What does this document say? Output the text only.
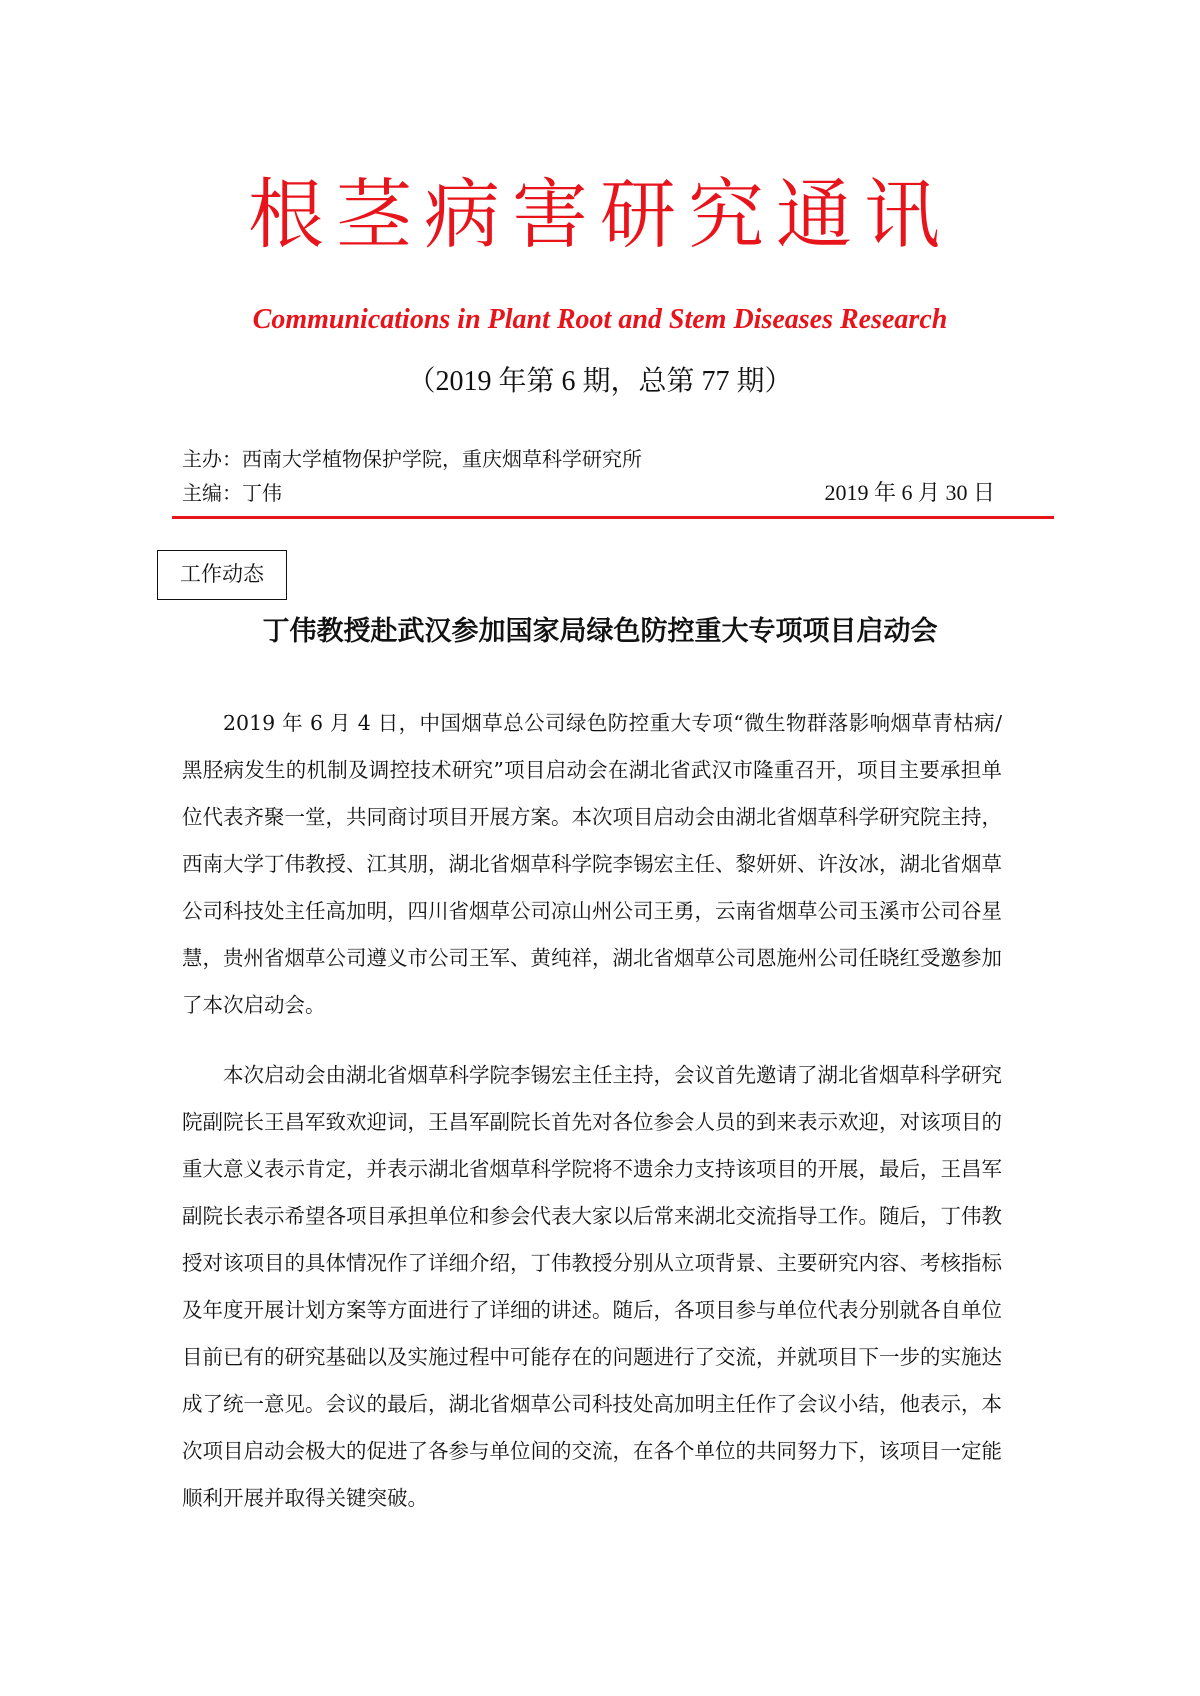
根茎病害研究通讯
Communications in Plant Root and Stem Diseases Research
（2019 年第 6 期，总第 77 期）
主办：西南大学植物保护学院，重庆烟草科学研究所
主编：丁伟	2019 年 6 月 30 日
工作动态
丁伟教授赴武汉参加国家局绿色防控重大专项项目启动会

2019 年 6 月 4 日，中国烟草总公司绿色防控重大专项“微生物群落影响烟草青枯病/黑胫病发生的机制及调控技术研究”项目启动会在湖北省武汉市隆重召开，项目主要承担单位代表齐聚一堂，共同商讨项目开展方案。本次项目启动会由湖北省烟草科学研究院主持，西南大学丁伟教授、江其朋，湖北省烟草科学院李锡宏主任、黎妍妍、许汝冰，湖北省烟草公司科技处主任高加明，四川省烟草公司凉山州公司王勇，云南省烟草公司玉溪市公司谷星慧，贵州省烟草公司遵义市公司王军、黄纯祥，湖北省烟草公司恩施州公司任晓红受邀参加了本次启动会。

本次启动会由湖北省烟草科学院李锡宏主任主持，会议首先邀请了湖北省烟草科学研究院副院长王昌军致欢迎词，王昌军副院长首先对各位参会人员的到来表示欢迎，对该项目的重大意义表示肯定，并表示湖北省烟草科学院将不遗余力支持该项目的开展，最后，王昌军副院长表示希望各项目承担单位和参会代表大家以后常来湖北交流指导工作。随后，丁伟教授对该项目的具体情况作了详细介绍，丁伟教授分别从立项背景、主要研究内容、考核指标及年度开展计划方案等方面进行了详细的讲述。随后，各项目参与单位代表分别就各自单位目前已有的研究基础以及实施过程中可能存在的问题进行了交流，并就项目下一步的实施达成了统一意见。会议的最后，湖北省烟草公司科技处高加明主任作了会议小结，他表示，本次项目启动会极大的促进了各参与单位间的交流，在各个单位的共同努力下，该项目一定能顺利开展并取得关键突破。
